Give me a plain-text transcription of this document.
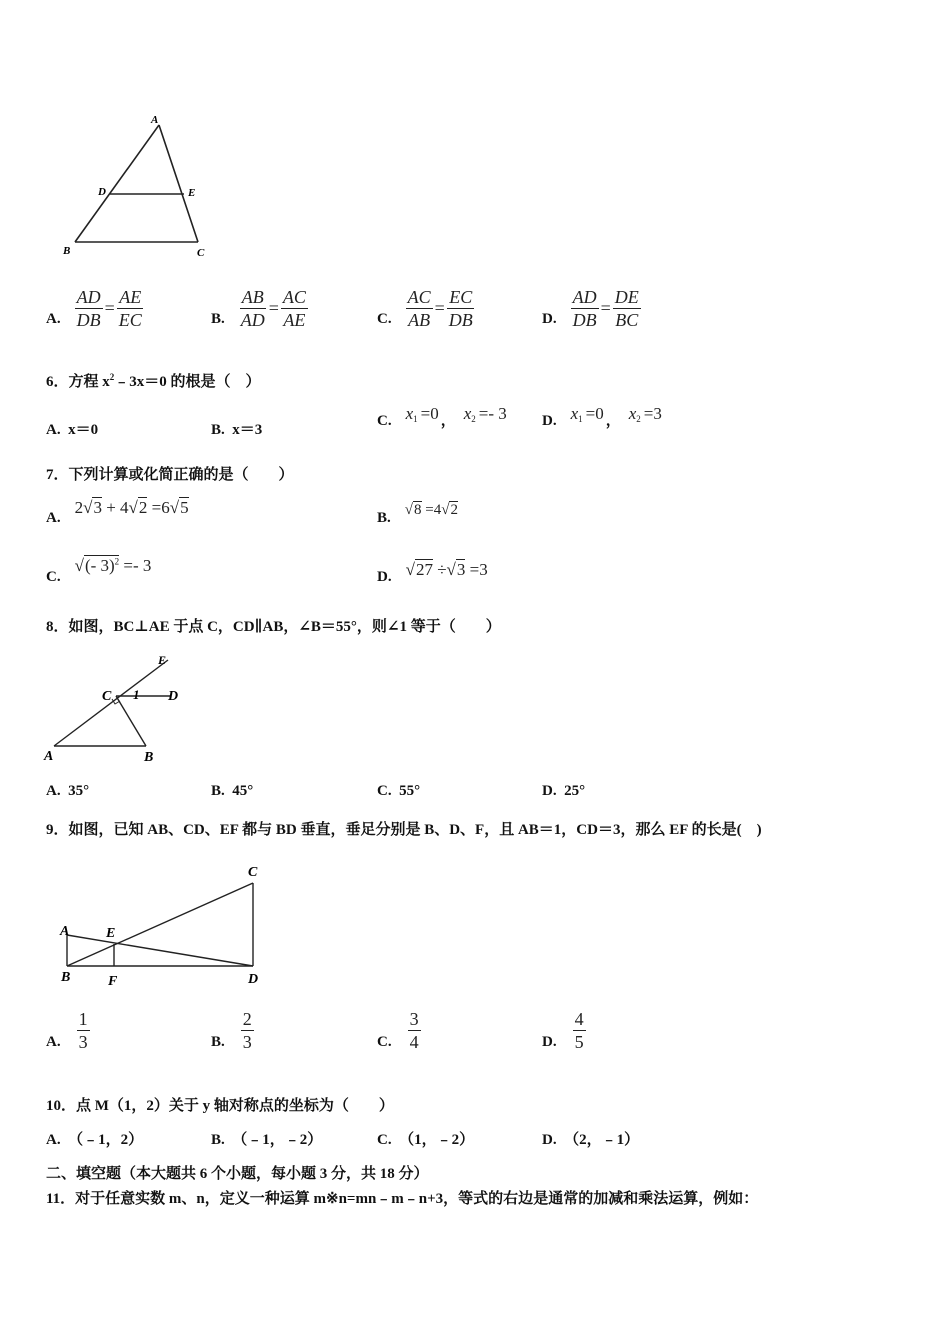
A
D	E
B	C
A. $\frac{AD}{DB} = \frac{AE}{EC}$	B. $\frac{AB}{AD} = \frac{AC}{AE}$	C. $\frac{AC}{AB} = \frac{EC}{DB}$	D. $\frac{AD}{DB} = \frac{DE}{BC}$
6．方程 $x^2﹣3x=0$ 的根是（　）
A. x＝0	B. x＝3
C. $x_1 =0$ ， $x_2 =- 3$ D. $x_1 =0$ ， $x_2 =3$
7．下列计算或化简正确的是（　　）
A.
2√3 + 4√2 =6√5
B. √8 =4√2
C.
√(- 3)$^2$ =- 3
D. √27 ÷√3 =3
8．如图，BC⊥AE 于点 C，CD∥AB，∠B＝55°，则∠1 等于（　　）
E
C 1 D
A	B
A. 35°	B. 45°	C. 55°	D. 25°
9．如图，已知 AB、CD、EF 都与 BD 垂直，垂足分别是 B、D、F，且 AB＝1，CD＝3，那么 EF 的长是(　)
C
A	E
B	F	D
A. $\frac{1}{3}$	B. $\frac{2}{3}$	C. $\frac{3}{4}$	D. $\frac{4}{5}$
10．点 M（1，2）关于 y 轴对称点的坐标为（　　）
A. （﹣1，2）	B. （﹣1，﹣2）	C. （1，﹣2）	D. （2，﹣1）
二、填空题（本大题共 6 个小题，每小题 3 分，共 18 分）
11．对于任意实数 m、n，定义一种运算 m※n=mn﹣m﹣n+3，等式的右边是通常的加减和乘法运算，例如：
